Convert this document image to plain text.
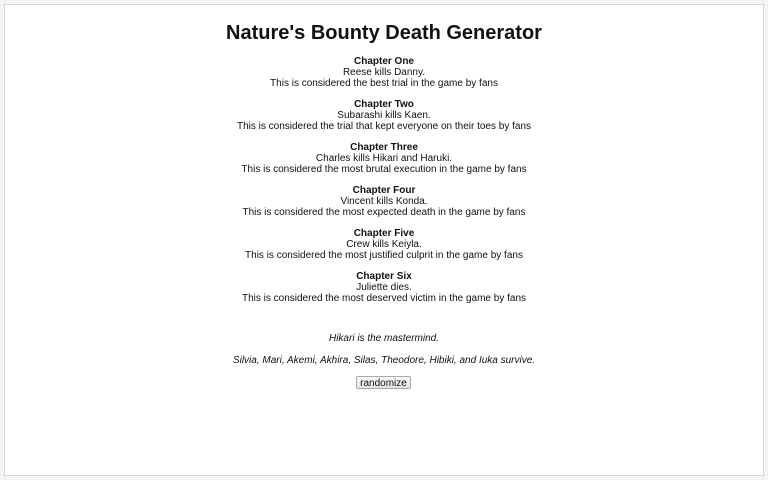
Nature's Bounty Death Generator
Chapter One
Reese kills Danny.
This is considered the best trial in the game by fans
Chapter Two
Subarashi kills Kaen.
This is considered the trial that kept everyone on their toes by fans
Chapter Three
Charles kills Hikari and Haruki.
This is considered the most brutal execution in the game by fans
Chapter Four
Vincent kills Konda.
This is considered the most expected death in the game by fans
Chapter Five
Crew kills Keiyla.
This is considered the most justified culprit in the game by fans
Chapter Six
Juliette dies.
This is considered the most deserved victim in the game by fans
Hikari is the mastermind.
Silvia, Mari, Akemi, Akhira, Silas, Theodore, Hibiki, and Iuka survive.
randomize
